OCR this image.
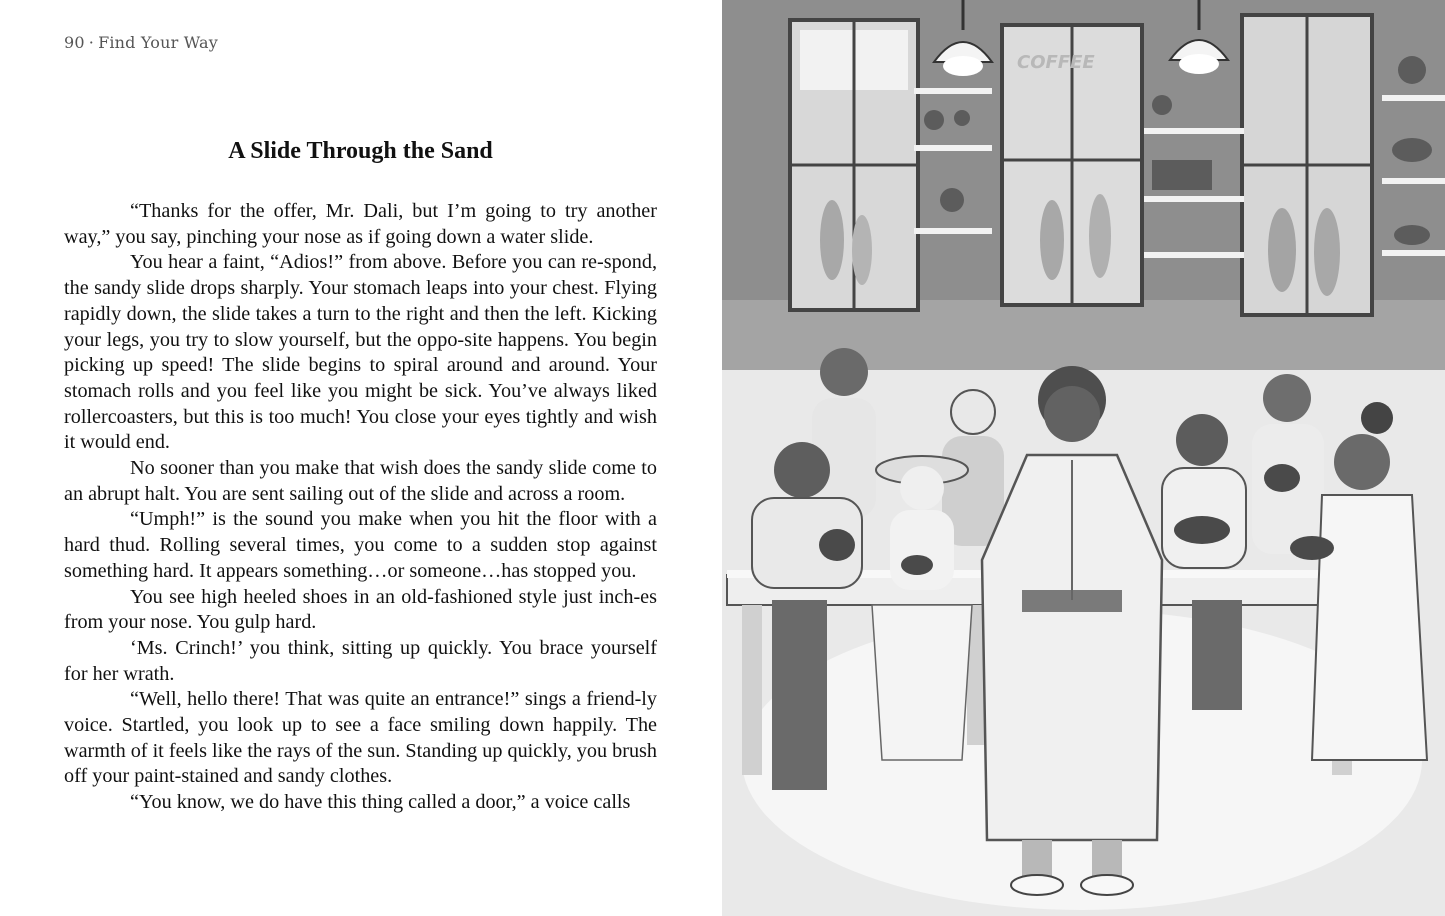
90 · Find Your Way
A Slide Through the Sand

“Thanks for the offer, Mr. Dali, but I’m going to try another way,” you say, pinching your nose as if going down a water slide.

You hear a faint, “Adios!” from above. Before you can re-spond, the sandy slide drops sharply. Your stomach leaps into your chest. Flying rapidly down, the slide takes a turn to the right and then the left. Kicking your legs, you try to slow yourself, but the oppo-site happens. You begin picking up speed! The slide begins to spiral around and around. Your stomach rolls and you feel like you might be sick. You’ve always liked rollercoasters, but this is too much! You close your eyes tightly and wish it would end.

No sooner than you make that wish does the sandy slide come to an abrupt halt. You are sent sailing out of the slide and across a room.

“Umph!” is the sound you make when you hit the floor with a hard thud. Rolling several times, you come to a sudden stop against something hard. It appears something…or someone…has stopped you.

You see high heeled shoes in an old-fashioned style just inch-es from your nose. You gulp hard.

‘Ms. Crinch!’ you think, sitting up quickly. You brace yourself for her wrath.

“Well, hello there! That was quite an entrance!” sings a friend-ly voice. Startled, you look up to see a face smiling down happily. The warmth of it feels like the rays of the sun. Standing up quickly, you brush off your paint-stained and sandy clothes.

“You know, we do have this thing called a door,” a voice calls

COFFEE
